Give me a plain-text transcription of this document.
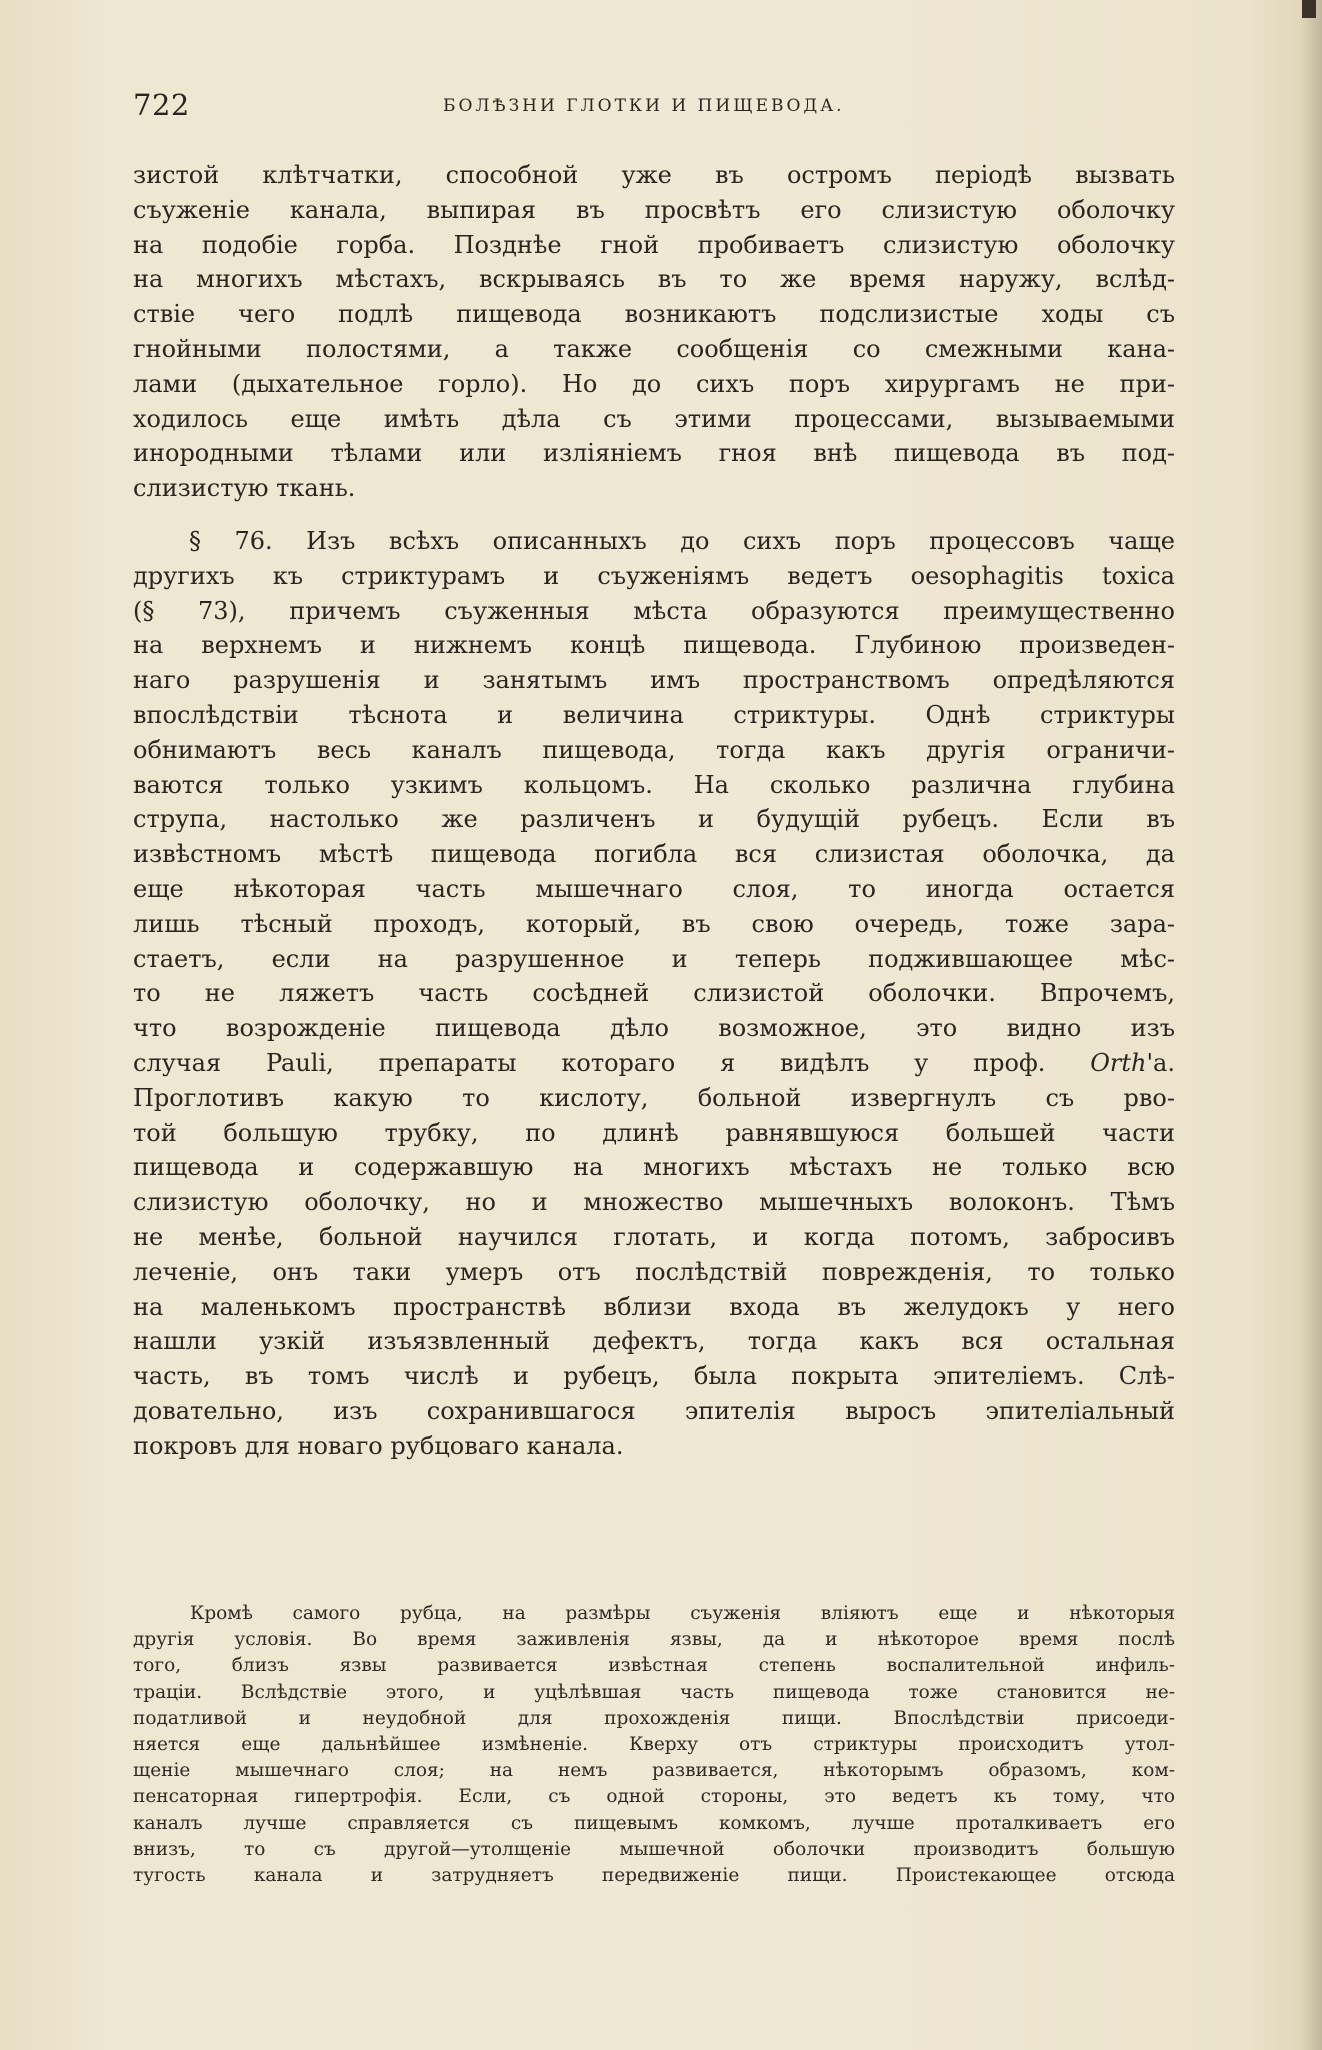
722	БОЛѢЗНИ ГЛОТКИ И ПИЩЕВОДА.
зистой клѣтчатки, способной уже въ остромъ періодѣ вызвать
съуженіе канала, выпирая въ просвѣтъ его слизистую оболочку
на подобіе горба. Позднѣе гной пробиваетъ слизистую оболочку
на многихъ мѣстахъ, вскрываясь въ то же время наружу, вслѣд-
ствіе чего подлѣ пищевода возникаютъ подслизистые ходы съ
гнойными полостями, а также сообщенія со смежными кана-
лами (дыхательное горло). Но до сихъ поръ хирургамъ не при-
ходилось еще имѣть дѣла съ этими процессами, вызываемыми
инородными тѣлами или изліяніемъ гноя внѣ пищевода въ под-
слизистую ткань.
§ 76. Изъ всѣхъ описанныхъ до сихъ поръ процессовъ чаще
другихъ къ стриктурамъ и съуженіямъ ведетъ oesophagitis toxica
(§ 73), причемъ съуженныя мѣста образуются преимущественно
на верхнемъ и нижнемъ концѣ пищевода. Глубиною произведен-
наго разрушенія и занятымъ имъ пространствомъ опредѣляются
впослѣдствіи тѣснота и величина стриктуры. Однѣ стриктуры
обнимаютъ весь каналъ пищевода, тогда какъ другія ограничи-
ваются только узкимъ кольцомъ. На сколько различна глубина
струпа, настолько же различенъ и будущій рубецъ. Если въ
извѣстномъ мѣстѣ пищевода погибла вся слизистая оболочка, да
еще нѣкоторая часть мышечнаго слоя, то иногда остается
лишь тѣсный проходъ, который, въ свою очередь, тоже зара-
стаетъ, если на разрушенное и теперь поджившающее мѣс-
то не ляжетъ часть сосѣдней слизистой оболочки. Впрочемъ,
что возрожденіе пищевода дѣло возможное, это видно изъ
случая Pauli, препараты котораго я видѣлъ у проф. Orth'а.
Проглотивъ какую то кислоту, больной извергнулъ съ рво-
той большую трубку, по длинѣ равнявшуюся большей части
пищевода и содержавшую на многихъ мѣстахъ не только всю
слизистую оболочку, но и множество мышечныхъ волоконъ. Тѣмъ
не менѣе, больной научился глотать, и когда потомъ, забросивъ
леченіе, онъ таки умеръ отъ послѣдствій поврежденія, то только
на маленькомъ пространствѣ вблизи входа въ желудокъ у него
нашли узкій изъязвленный дефектъ, тогда какъ вся остальная
часть, въ томъ числѣ и рубецъ, была покрыта эпителіемъ. Слѣ-
довательно, изъ сохранившагося эпителія выросъ эпителіальный
покровъ для новаго рубцоваго канала.
Кромѣ самого рубца, на размѣры съуженія вліяютъ еще и нѣкоторыя
другія условія. Во время заживленія язвы, да и нѣкоторое время послѣ
того, близъ язвы развивается извѣстная степень воспалительной инфиль-
траціи. Вслѣдствіе этого, и уцѣлѣвшая часть пищевода тоже становится не-
податливой и неудобной для прохожденія пищи. Впослѣдствіи присоеди-
няется еще дальнѣйшее измѣненіе. Кверху отъ стриктуры происходитъ утол-
щеніе мышечнаго слоя; на немъ развивается, нѣкоторымъ образомъ, ком-
пенсаторная гипертрофія. Если, съ одной стороны, это ведетъ къ тому, что
каналъ лучше справляется съ пищевымъ комкомъ, лучше проталкиваетъ его
внизъ, то съ другой—утолщеніе мышечной оболочки производитъ большую
тугость канала и затрудняетъ передвиженіе пищи. Проистекающее отсюда
